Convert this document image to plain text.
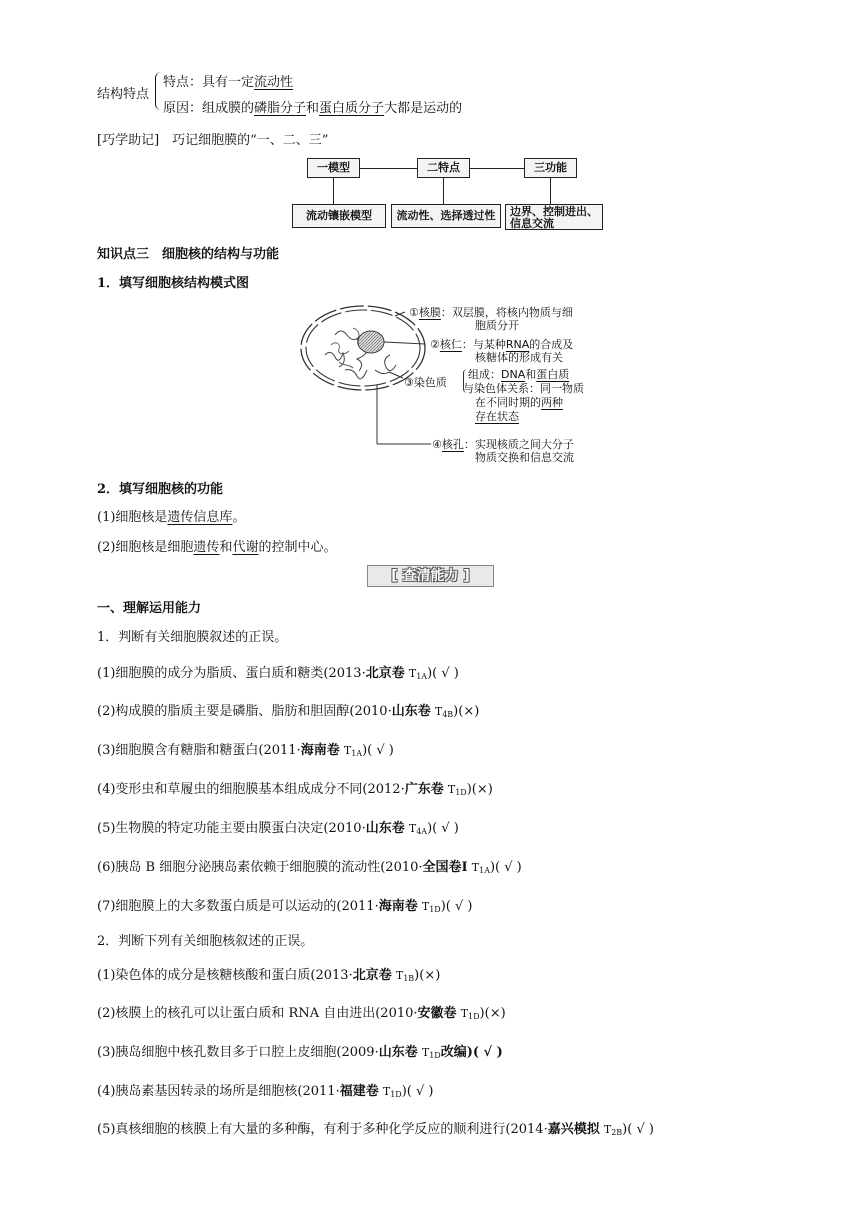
结构特点
特点：具有一定流动性
原因：组成膜的磷脂分子和蛋白质分子大都是运动的
[巧学助记]　巧记细胞膜的“一、二、三”
一模型	二特点	三功能
流动镶嵌模型	流动性、选择透过性	边界、控制进出、
信息交流
知识点三　细胞核的结构与功能
1．填写细胞核结构模式图
①核膜：双层膜，将核内物质与细
胞质分开
②核仁：与某种RNA的合成及
核糖体的形成有关
③染色质
组成：DNA和蛋白质
与染色体关系：同一物质
在不同时期的两种
存在状态
④核孔：实现核质之间大分子
物质交换和信息交流
2．填写细胞核的功能
(1)细胞核是遗传信息库。
(2)细胞核是细胞遗传和代谢的控制中心。
[ 查清能力 ]
一、理解运用能力
1．判断有关细胞膜叙述的正误。
(1)细胞膜的成分为脂质、蛋白质和糖类(2013·北京卷 $T_{1A}$)( √ )
(2)构成膜的脂质主要是磷脂、脂肪和胆固醇(2010·山东卷 $T_{4B})(\times)$
(3)细胞膜含有糖脂和糖蛋白(2011·海南卷 $T_{1A}$)( √ )
(4)变形虫和草履虫的细胞膜基本组成成分不同(2012·广东卷 $T_{1D})(\times)$
(5)生物膜的特定功能主要由膜蛋白决定(2010·山东卷 $T_{4A}$)( √ )
(6)胰岛 B 细胞分泌胰岛素依赖于细胞膜的流动性(2010·全国卷Ⅰ $T_{1A}$)( √ )
(7)细胞膜上的大多数蛋白质是可以运动的(2011·海南卷 $T_{1D}$)( √ )
2．判断下列有关细胞核叙述的正误。
(1)染色体的成分是核糖核酸和蛋白质(2013·北京卷 $T_{1B})(\times)$
(2)核膜上的核孔可以让蛋白质和 RNA 自由进出(2010·安徽卷 $T_{1D})(\times)$
(3)胰岛细胞中核孔数目多于口腔上皮细胞(2009·山东卷 $T_{1D}$改编)( √ )
(4)胰岛素基因转录的场所是细胞核(2011·福建卷 $T_{1D}$)( √ )
(5)真核细胞的核膜上有大量的多种酶，有利于多种化学反应的顺利进行(2014·嘉兴模拟 $T_{2B}$)( √ )
